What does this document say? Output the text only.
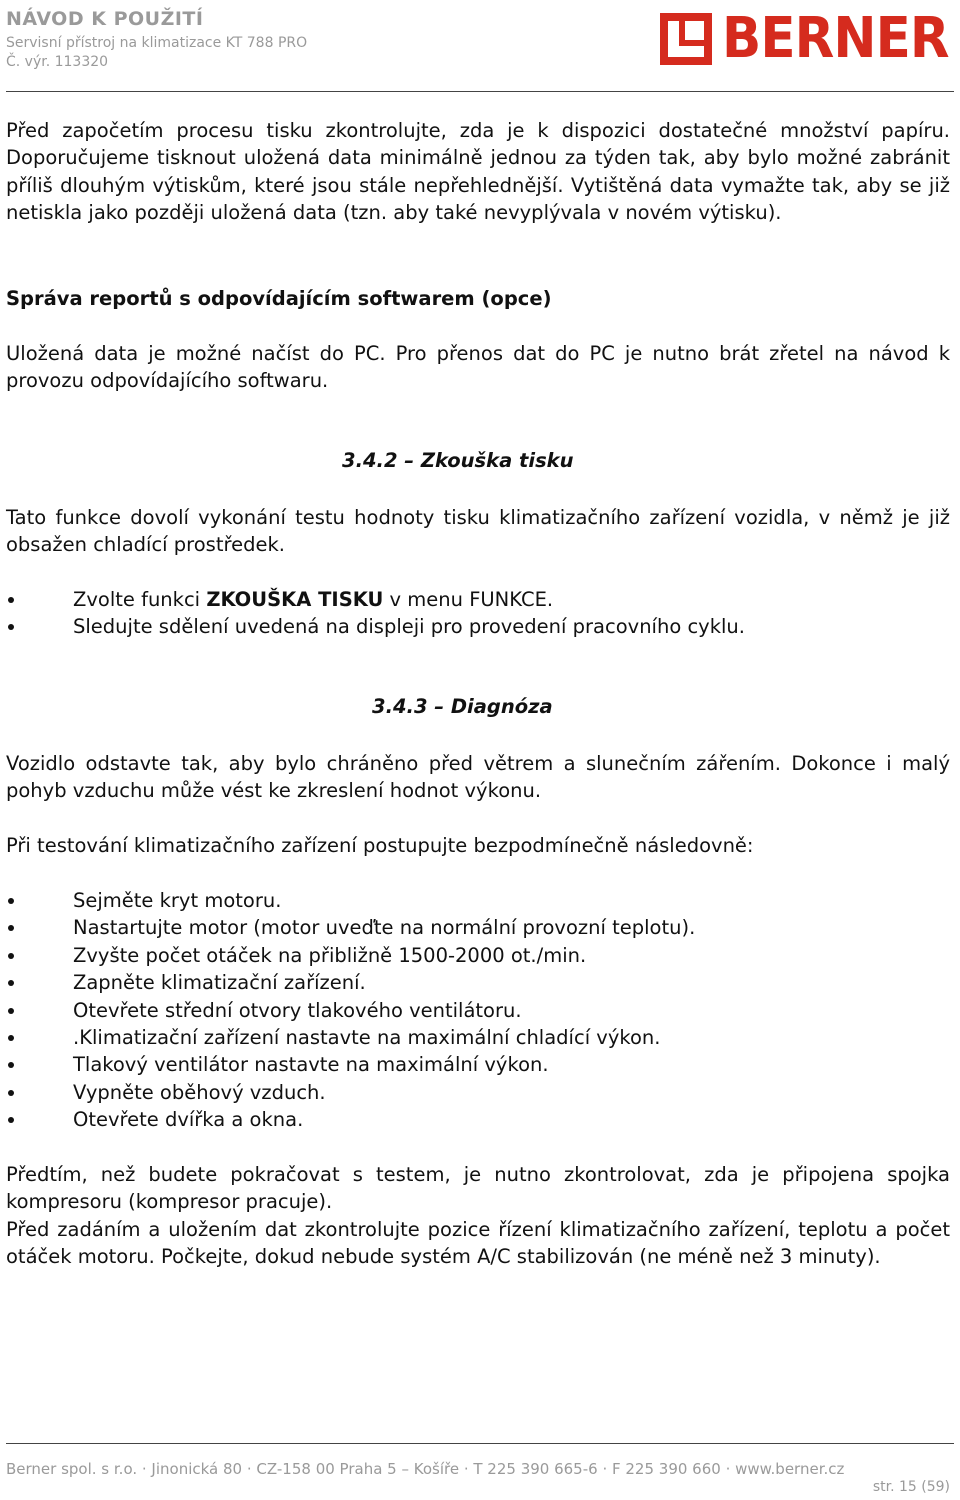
NÁVOD K POUŽITÍ
Servisní přístroj na klimatizace KT 788 PRO
Č. výr. 113320	BERNER

Před započetím procesu tisku zkontrolujte, zda je k dispozici dostatečné množství papíru. Doporučujeme tisknout uložená data minimálně jednou za týden tak, aby bylo možné zabránit příliš dlouhým výtiskům, které jsou stále nepřehlednější. Vytištěná data vymažte tak, aby se již netiskla jako později uložená data (tzn. aby také nevyplývala v novém výtisku).

Správa reportů s odpovídajícím softwarem (opce)

Uložená data je možné načíst do PC. Pro přenos dat do PC je nutno brát zřetel na návod k provozu odpovídajícího softwaru.

3.4.2 – Zkouška tisku

Tato funkce dovolí vykonání testu hodnoty tisku klimatizačního zařízení vozidla, v němž je již obsažen chladící prostředek.

Zvolte funkci ZKOUŠKA TISKU v menu FUNKCE.
Sledujte sdělení uvedená na displeji pro provedení pracovního cyklu.
3.4.3 – Diagnóza

Vozidlo odstavte tak, aby bylo chráněno před větrem a slunečním zářením. Dokonce i malý pohyb vzduchu může vést ke zkreslení hodnot výkonu.

Při testování klimatizačního zařízení postupujte bezpodmínečně následovně:

Sejměte kryt motoru.
Nastartujte motor (motor uveďte na normální provozní teplotu).
Zvyšte počet otáček na přibližně 1500-2000 ot./min.
Zapněte klimatizační zařízení.
Otevřete střední otvory tlakového ventilátoru.
.Klimatizační zařízení nastavte na maximální chladící výkon.
Tlakový ventilátor nastavte na maximální výkon.
Vypněte oběhový vzduch.
Otevřete dvířka a okna.

Předtím, než budete pokračovat s testem, je nutno zkontrolovat, zda je připojena spojka kompresoru (kompresor pracuje).

Před zadáním a uložením dat zkontrolujte pozice řízení klimatizačního zařízení, teplotu a počet otáček motoru. Počkejte, dokud nebude systém A/C stabilizován (ne méně než 3 minuty).

Berner spol. s r.o. · Jinonická 80 · CZ-158 00 Praha 5 – Košíře · T 225 390 665-6 · F 225 390 660 · www.berner.cz
str. 15 (59)
